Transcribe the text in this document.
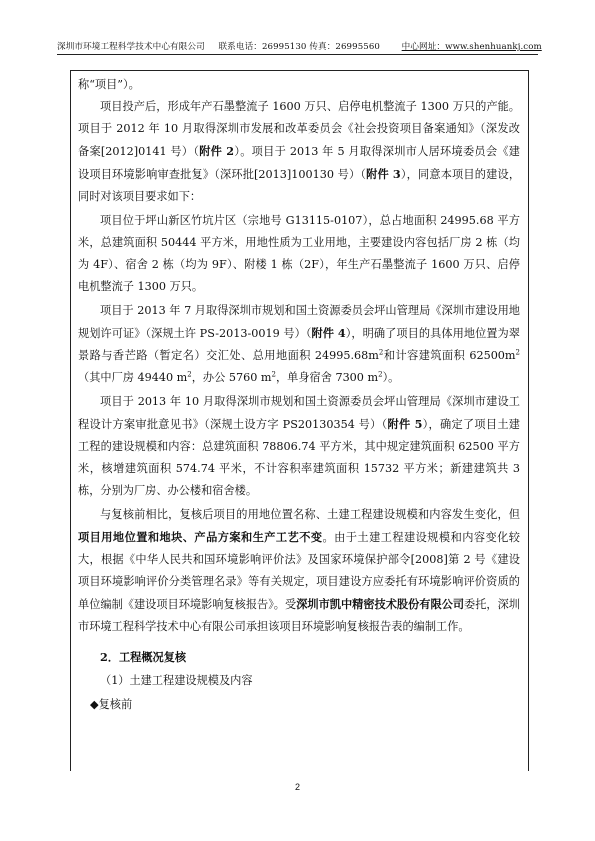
深圳市环境工程科学技术中心有限公司 联系电话：26995130 传真：26995560	中心网址：www.shenhuankj.com

称“项目”）。

项目投产后，形成年产石墨整流子 1600 万只、启停电机整流子 1300 万只的产能。项目于 2012 年 10 月取得深圳市发展和改革委员会《社会投资项目备案通知》（深发改备案[2012]0141 号）（附件 2）。项目于 2013 年 5 月取得深圳市人居环境委员会《建设项目环境影响审查批复》（深环批[2013]100130 号）（附件 3），同意本项目的建设，同时对该项目要求如下：

项目位于坪山新区竹坑片区（宗地号 G13115-0107），总占地面积 24995.68 平方米，总建筑面积 50444 平方米，用地性质为工业用地，主要建设内容包括厂房 2 栋（均为 4F）、宿舍 2 栋（均为 9F）、附楼 1 栋（2F），年生产石墨整流子 1600 万只、启停电机整流子 1300 万只。

项目于 2013 年 7 月取得深圳市规划和国土资源委员会坪山管理局《深圳市建设用地规划许可证》（深规土许 PS-2013-0019 号）（附件 4），明确了项目的具体用地位置为翠景路与香芒路（暂定名）交汇处、总用地面积 $24995.68m^2$和计容建筑面积 $62500m^2$（其中厂房 49440 $m^2$，办公 5760 $m^2$，单身宿舍 7300 $m^2$）。

项目于 2013 年 10 月取得深圳市规划和国土资源委员会坪山管理局《深圳市建设工程设计方案审批意见书》（深规土设方字 PS20130354 号）（附件 5），确定了项目土建工程的建设规模和内容：总建筑面积 78806.74 平方米，其中规定建筑面积 62500 平方米，核增建筑面积 574.74 平米，不计容积率建筑面积 15732 平方米；新建建筑共 3 栋，分别为厂房、办公楼和宿舍楼。

与复核前相比，复核后项目的用地位置名称、土建工程建设规模和内容发生变化，但项目用地位置和地块、产品方案和生产工艺不变。由于土建工程建设规模和内容变化较大，根据《中华人民共和国环境影响评价法》及国家环境保护部令[2008]第 2 号《建设项目环境影响评价分类管理名录》等有关规定，项目建设方应委托有环境影响评价资质的单位编制《建设项目环境影响复核报告》。受深圳市凯中精密技术股份有限公司委托，深圳市环境工程科学技术中心有限公司承担该项目环境影响复核报告表的编制工作。

2．工程概况复核

（1）土建工程建设规模及内容

◆复核前

2
